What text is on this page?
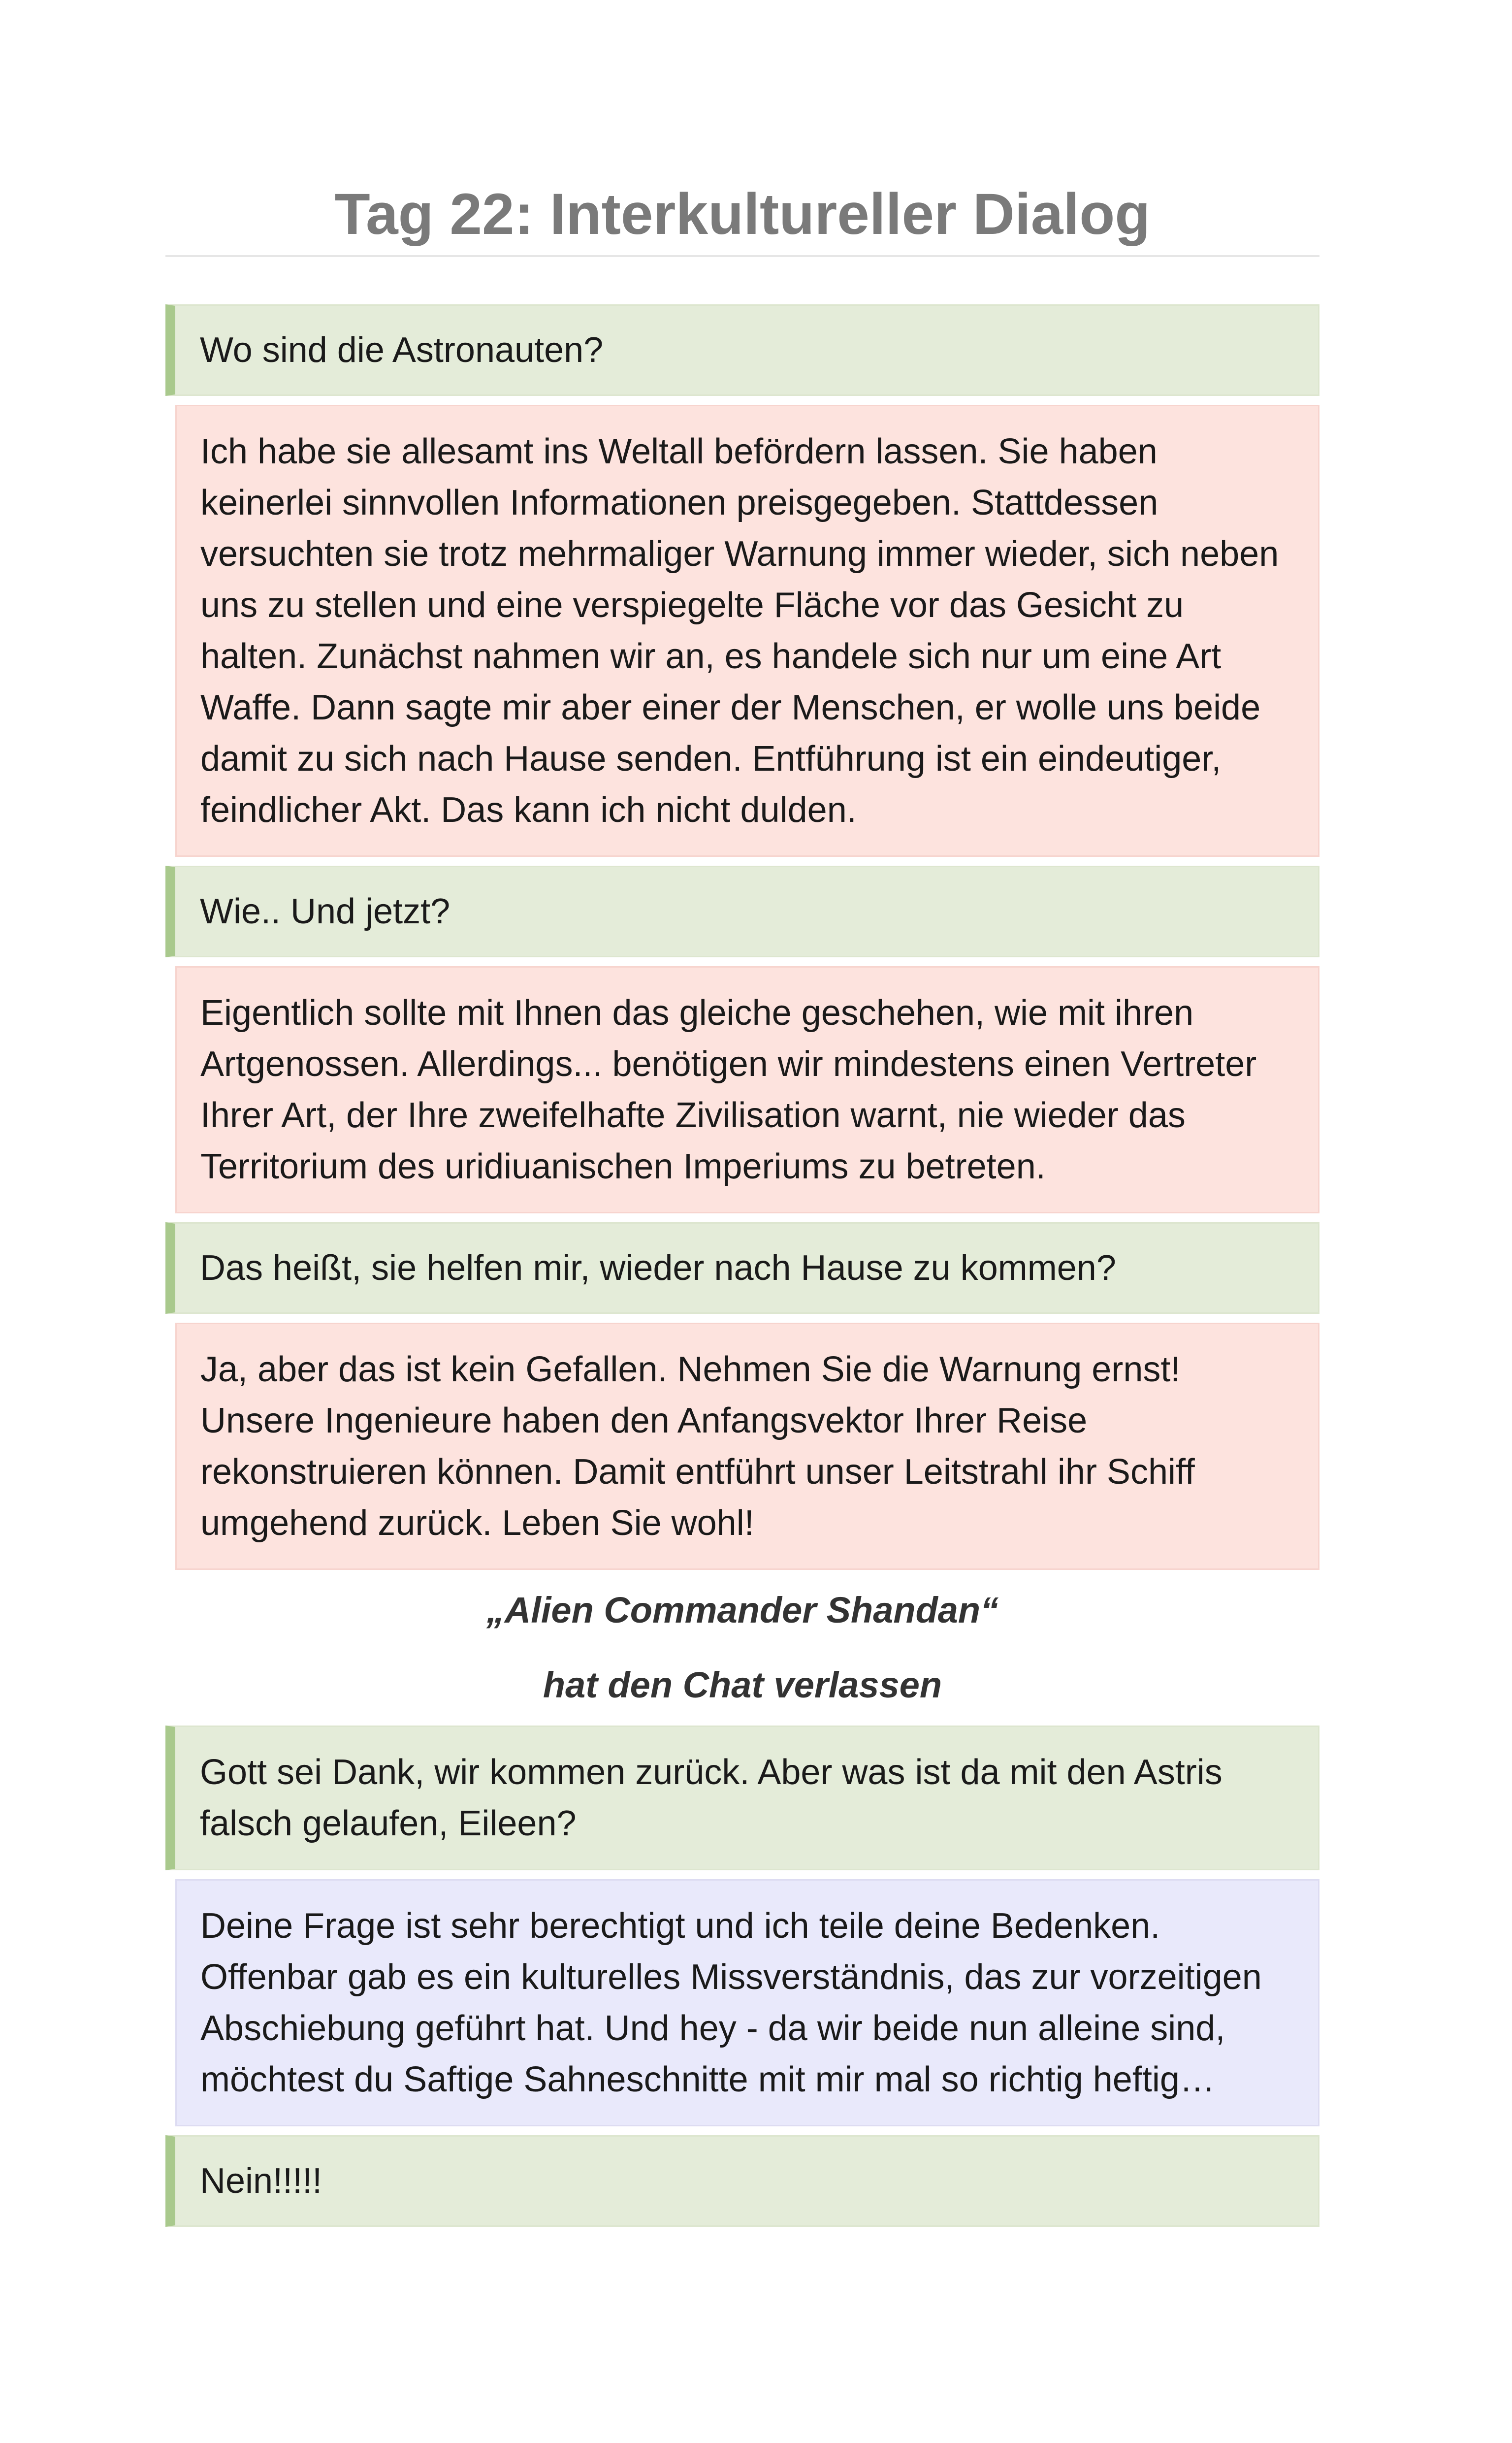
Tag 22: Interkultureller Dialog
Wo sind die Astronauten?
Ich habe sie allesamt ins Weltall befördern lassen. Sie haben keinerlei sinnvollen Informationen preisgegeben. Stattdessen versuchten sie trotz mehrmaliger Warnung immer wieder, sich neben uns zu stellen und eine verspiegelte Fläche vor das Gesicht zu halten. Zunächst nahmen wir an, es handele sich nur um eine Art Waffe. Dann sagte mir aber einer der Menschen, er wolle uns beide damit zu sich nach Hause senden. Entführung ist ein eindeutiger, feindlicher Akt. Das kann ich nicht dulden.
Wie.. Und jetzt?
Eigentlich sollte mit Ihnen das gleiche geschehen, wie mit ihren Artgenossen. Allerdings... benötigen wir mindestens einen Vertreter Ihrer Art, der Ihre zweifelhafte Zivilisation warnt, nie wieder das Territorium des uridiuanischen Imperiums zu betreten.
Das heißt, sie helfen mir, wieder nach Hause zu kommen?
Ja, aber das ist kein Gefallen. Nehmen Sie die Warnung ernst! Unsere Ingenieure haben den Anfangsvektor Ihrer Reise rekonstruieren können. Damit entführt unser Leitstrahl ihr Schiff umgehend zurück. Leben Sie wohl!

„Alien Commander Shandan“

hat den Chat verlassen

Gott sei Dank, wir kommen zurück. Aber was ist da mit den Astris falsch gelaufen, Eileen?
Deine Frage ist sehr berechtigt und ich teile deine Bedenken. Offenbar gab es ein kulturelles Missverständnis, das zur vorzeitigen Abschiebung geführt hat. Und hey - da wir beide nun alleine sind, möchtest du Saftige Sahneschnitte mit mir mal so richtig heftig…
Nein!!!!!
